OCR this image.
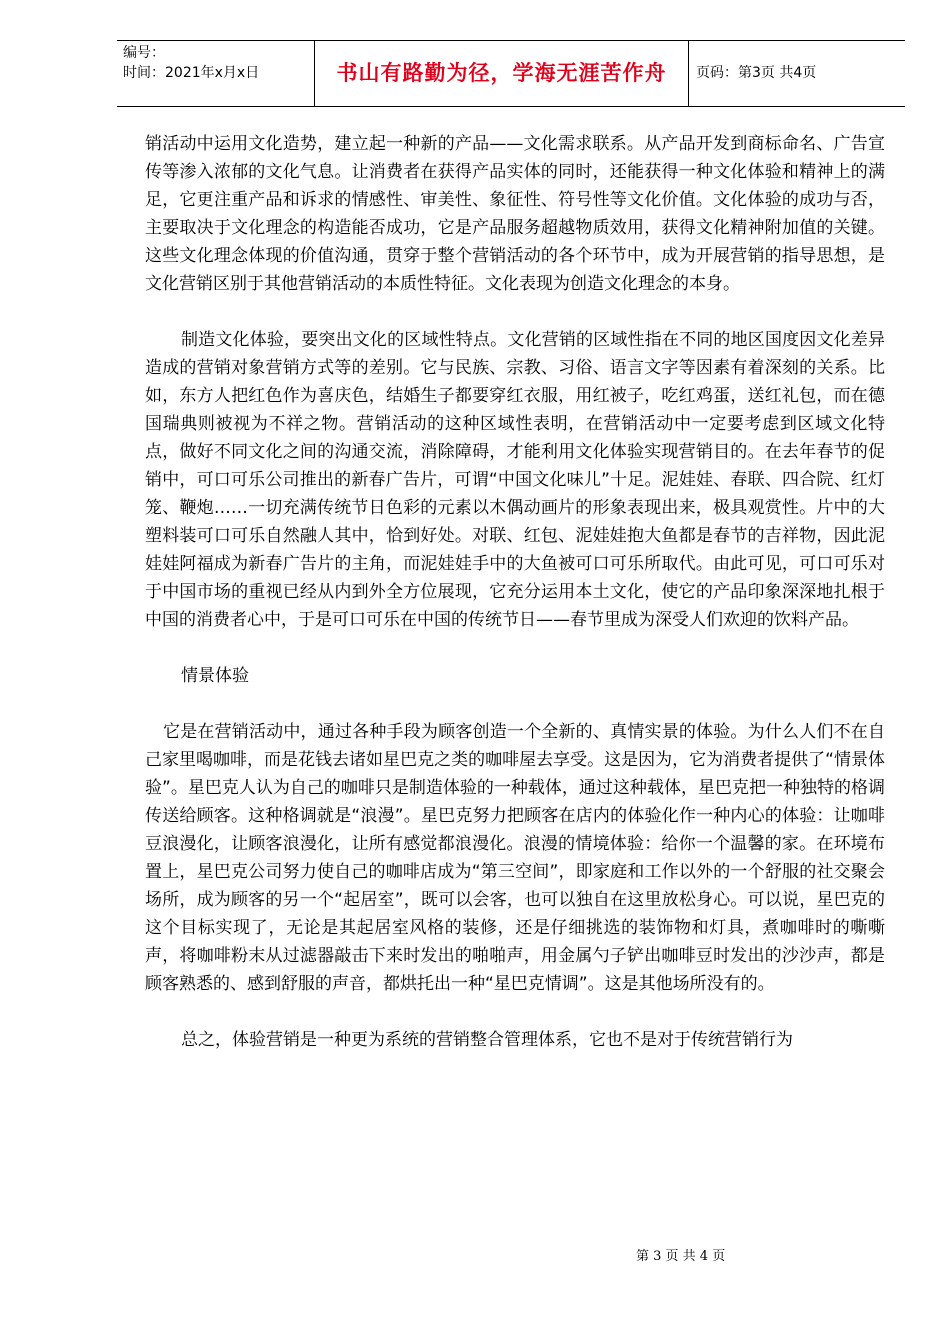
编号：
时间：2021年x月x日	书山有路勤为径，学海无涯苦作舟	页码：第3页 共4页

销活动中运用文化造势，建立起一种新的产品——文化需求联系。从产品开发到商标命名、广告宣传等渗入浓郁的文化气息。让消费者在获得产品实体的同时，还能获得一种文化体验和精神上的满足，它更注重产品和诉求的情感性、审美性、象征性、符号性等文化价值。文化体验的成功与否，主要取决于文化理念的构造能否成功，它是产品服务超越物质效用，获得文化精神附加值的关键。这些文化理念体现的价值沟通，贯穿于整个营销活动的各个环节中，成为开展营销的指导思想，是文化营销区别于其他营销活动的本质性特征。文化表现为创造文化理念的本身。

制造文化体验，要突出文化的区域性特点。文化营销的区域性指在不同的地区国度因文化差异造成的营销对象营销方式等的差别。它与民族、宗教、习俗、语言文字等因素有着深刻的关系。比如，东方人把红色作为喜庆色，结婚生子都要穿红衣服，用红被子，吃红鸡蛋，送红礼包，而在德国瑞典则被视为不祥之物。营销活动的这种区域性表明，在营销活动中一定要考虑到区域文化特点，做好不同文化之间的沟通交流，消除障碍，才能利用文化体验实现营销目的。在去年春节的促销中，可口可乐公司推出的新春广告片，可谓“中国文化味儿”十足。泥娃娃、春联、四合院、红灯笼、鞭炮……一切充满传统节日色彩的元素以木偶动画片的形象表现出来，极具观赏性。片中的大塑料装可口可乐自然融人其中，恰到好处。对联、红包、泥娃娃抱大鱼都是春节的吉祥物，因此泥娃娃阿福成为新春广告片的主角，而泥娃娃手中的大鱼被可口可乐所取代。由此可见，可口可乐对于中国市场的重视已经从内到外全方位展现，它充分运用本土文化，使它的产品印象深深地扎根于中国的消费者心中，于是可口可乐在中国的传统节日——春节里成为深受人们欢迎的饮料产品。

情景体验

它是在营销活动中，通过各种手段为顾客创造一个全新的、真情实景的体验。为什么人们不在自己家里喝咖啡，而是花钱去诸如星巴克之类的咖啡屋去享受。这是因为，它为消费者提供了“情景体验”。星巴克人认为自己的咖啡只是制造体验的一种载体，通过这种载体，星巴克把一种独特的格调传送给顾客。这种格调就是“浪漫”。星巴克努力把顾客在店内的体验化作一种内心的体验：让咖啡豆浪漫化，让顾客浪漫化，让所有感觉都浪漫化。浪漫的情境体验：给你一个温馨的家。在环境布置上，星巴克公司努力使自己的咖啡店成为“第三空间”，即家庭和工作以外的一个舒服的社交聚会场所，成为顾客的另一个“起居室”，既可以会客，也可以独自在这里放松身心。可以说，星巴克的这个目标实现了，无论是其起居室风格的装修，还是仔细挑选的装饰物和灯具，煮咖啡时的嘶嘶声，将咖啡粉末从过滤器敲击下来时发出的啪啪声，用金属勺子铲出咖啡豆时发出的沙沙声，都是顾客熟悉的、感到舒服的声音，都烘托出一种“星巴克情调”。这是其他场所没有的。

总之，体验营销是一种更为系统的营销整合管理体系，它也不是对于传统营销行为

第 3 页 共 4 页
